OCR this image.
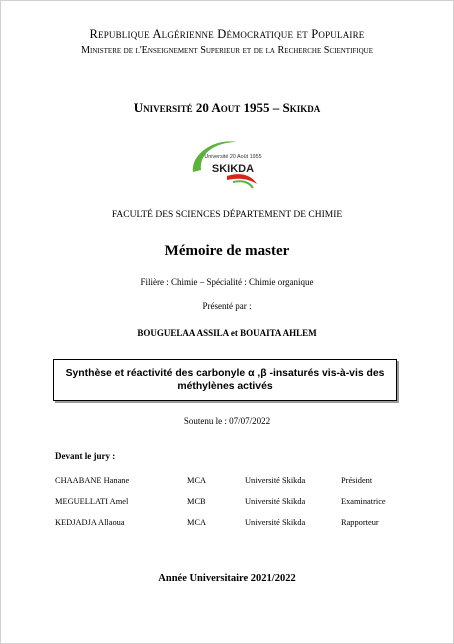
Republique Algérienne Démocratique et Populaire
Ministere de l'Enseignement Superieur et de la Recherche Scientifique
Université 20 Aout 1955 – Skikda
Université 20 Août 1955
SKIKDA
FACULTÉ DES SCIENCES DÉPARTEMENT DE CHIMIE
Mémoire de master
Filière : Chimie – Spécialité : Chimie organique
Présenté par :
BOUGUELAA ASSILA et BOUAITA AHLEM
Synthèse et réactivité des carbonyle α ,β -insaturés vis-à-vis des méthylènes activés
Soutenu le : 07/07/2022
Devant le jury :
CHAABANE Hanane	MCA	Université Skikda	Président
MEGUELLATI Amel	MCB	Université Skikda	Examinatrice
KEDJADJA Allaoua	MCA	Université Skikda	Rapporteur
Année Universitaire 2021/2022
